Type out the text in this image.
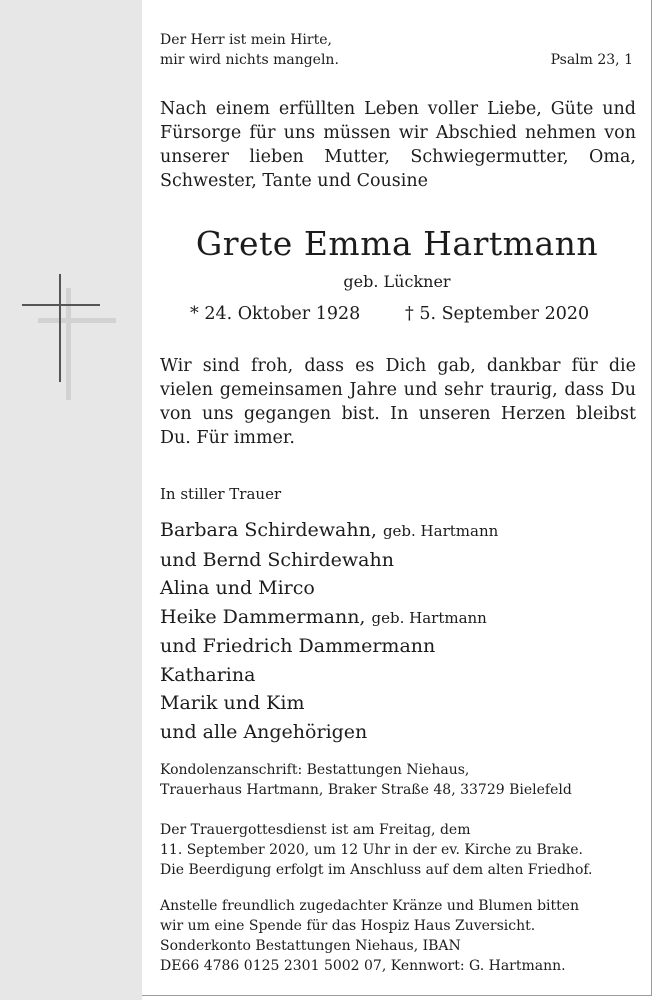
Der Herr ist mein Hirte,
mir wird nichts mangeln.	Psalm 23, 1
Nach einem erfüllten Leben voller Liebe, Güte und Fürsorge für uns müssen wir Abschied nehmen von unserer lieben Mutter, Schwiegermutter, Oma, Schwester, Tante und Cousine
Grete Emma Hartmann
geb. Lückner
* 24. Oktober 1928	† 5. September 2020
Wir sind froh, dass es Dich gab, dankbar für die vielen gemeinsamen Jahre und sehr traurig, dass Du von uns gegangen bist. In unseren Herzen bleibst Du. Für immer.
In stiller Trauer
Barbara Schirdewahn, geb. Hartmann
und Bernd Schirdewahn
Alina und Mirco
Heike Dammermann, geb. Hartmann
und Friedrich Dammermann
Katharina
Marik und Kim
und alle Angehörigen
Kondolenzanschrift: Bestattungen Niehaus,
Trauerhaus Hartmann, Braker Straße 48, 33729 Bielefeld
Der Trauergottesdienst ist am Freitag, dem
11. September 2020, um 12 Uhr in der ev. Kirche zu Brake.
Die Beerdigung erfolgt im Anschluss auf dem alten Friedhof.
Anstelle freundlich zugedachter Kränze und Blumen bitten
wir um eine Spende für das Hospiz Haus Zuversicht.
Sonderkonto Bestattungen Niehaus, IBAN
DE66 4786 0125 2301 5002 07, Kennwort: G. Hartmann.
